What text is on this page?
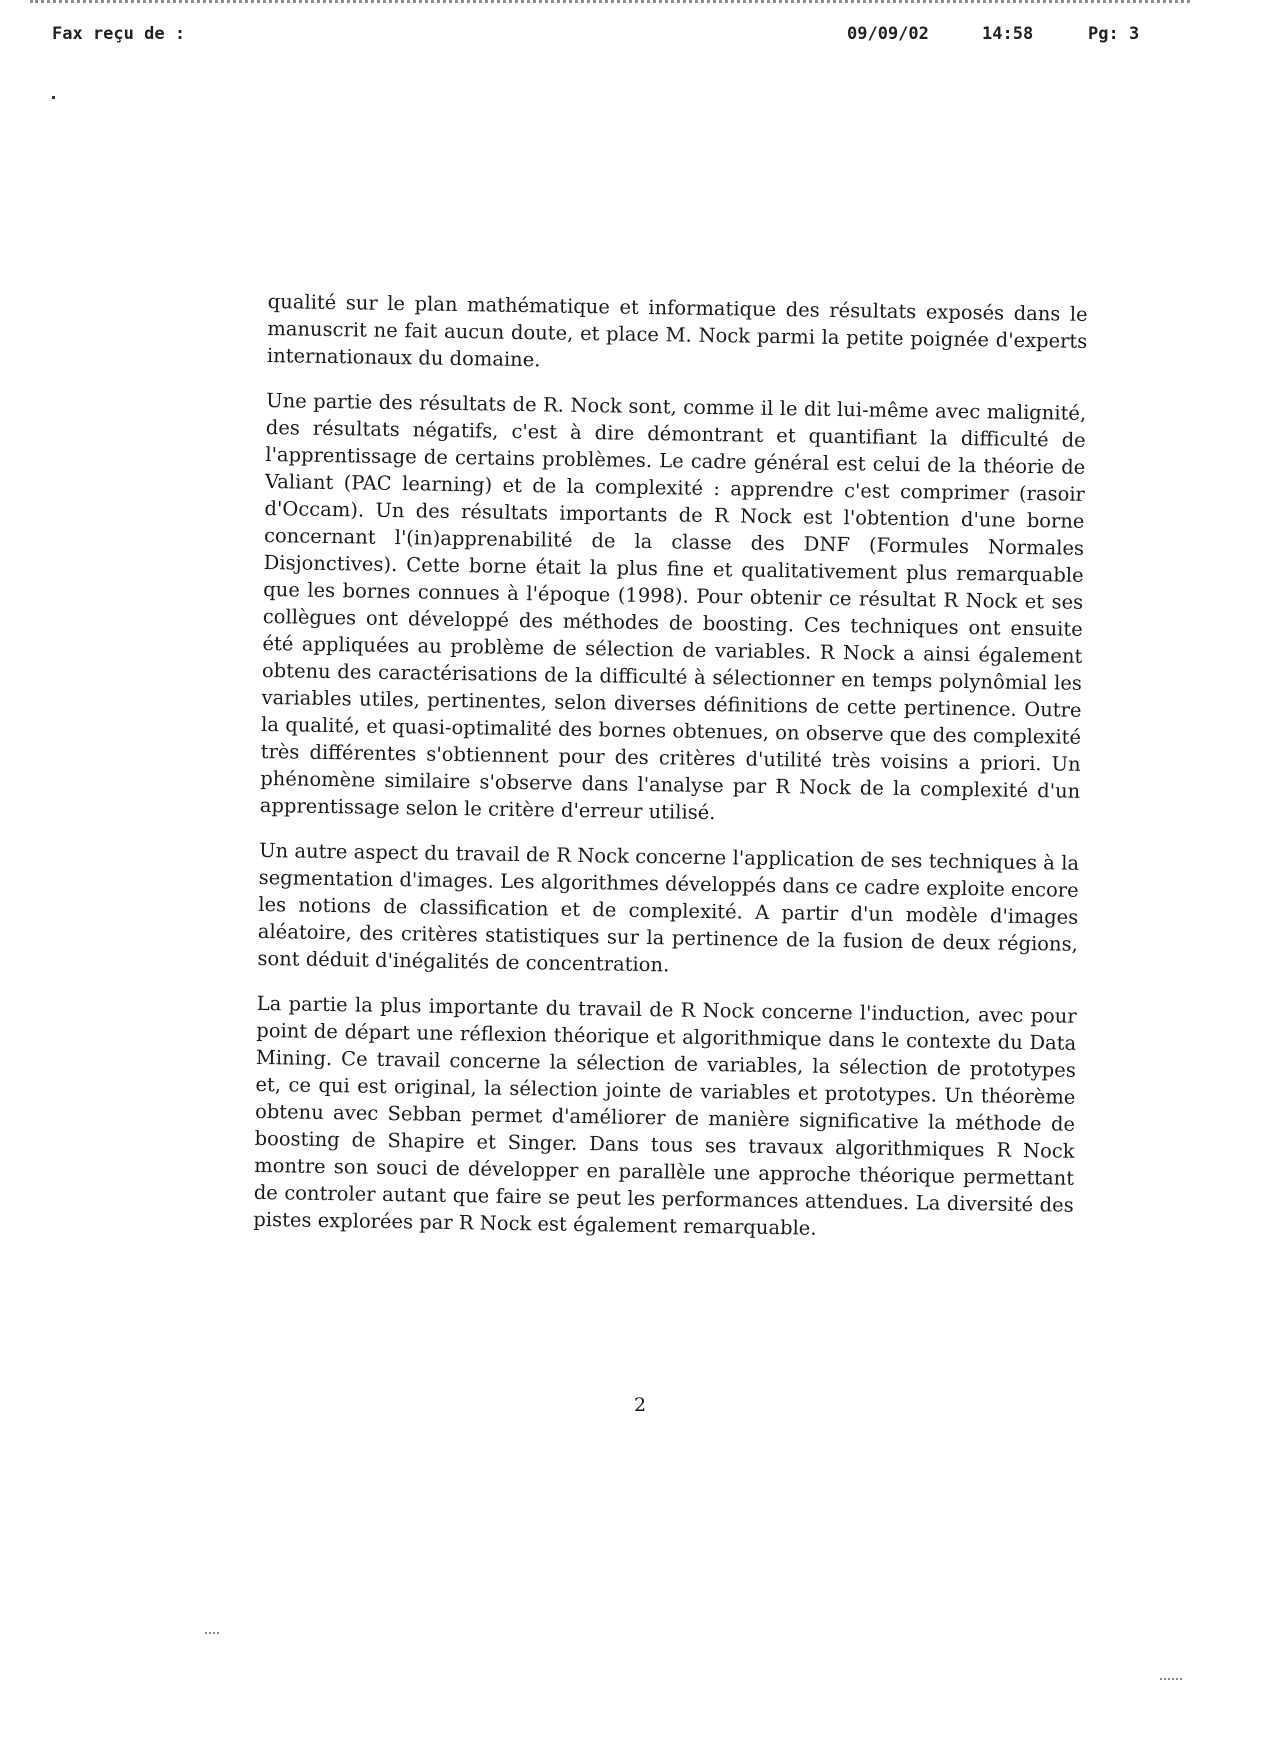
Fax reçu de :	09/09/02	14:58	Pg: 3

qualité sur le plan mathématique et informatique des résultats exposés dans le manuscrit ne fait aucun doute, et place M. Nock parmi la petite poignée d'experts internationaux du domaine.

Une partie des résultats de R. Nock sont, comme il le dit lui-même avec malignité, des résultats négatifs, c'est à dire démontrant et quantifiant la difficulté de l'apprentissage de certains problèmes. Le cadre général est celui de la théorie de Valiant (PAC learning) et de la complexité : apprendre c'est comprimer (rasoir d'Occam). Un des résultats importants de R Nock est l'obtention d'une borne concernant l'(in)apprenabilité de la classe des DNF (Formules Normales Disjonctives). Cette borne était la plus fine et qualitativement plus remarquable que les bornes connues à l'époque (1998). Pour obtenir ce résultat R Nock et ses collègues ont développé des méthodes de boosting. Ces techniques ont ensuite été appliquées au problème de sélection de variables. R Nock a ainsi également obtenu des caractérisations de la difficulté à sélectionner en temps polynômial les variables utiles, pertinentes, selon diverses définitions de cette pertinence. Outre la qualité, et quasi-optimalité des bornes obtenues, on observe que des complexité très différentes s'obtiennent pour des critères d'utilité très voisins a priori. Un phénomène similaire s'observe dans l'analyse par R Nock de la complexité d'un apprentissage selon le critère d'erreur utilisé.

Un autre aspect du travail de R Nock concerne l'application de ses techniques à la segmentation d'images. Les algorithmes développés dans ce cadre exploite encore les notions de classification et de complexité. A partir d'un modèle d'images aléatoire, des critères statistiques sur la pertinence de la fusion de deux régions, sont déduit d'inégalités de concentration.

La partie la plus importante du travail de R Nock concerne l'induction, avec pour point de départ une réflexion théorique et algorithmique dans le contexte du Data Mining. Ce travail concerne la sélection de variables, la sélection de prototypes et, ce qui est original, la sélection jointe de variables et prototypes. Un théorème obtenu avec Sebban permet d'améliorer de manière significative la méthode de boosting de Shapire et Singer. Dans tous ses travaux algorithmiques R Nock montre son souci de développer en parallèle une approche théorique permettant de controler autant que faire se peut les performances attendues. La diversité des pistes explorées par R Nock est également remarquable.

2
